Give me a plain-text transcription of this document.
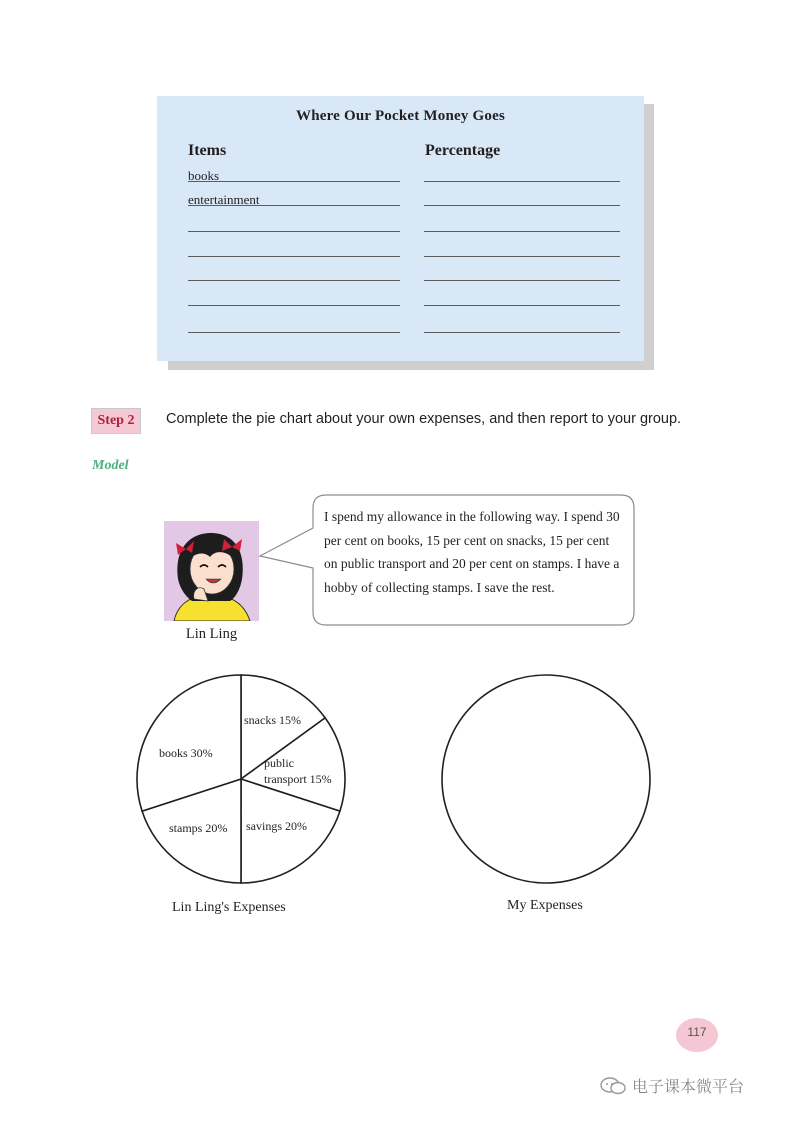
Where Our Pocket Money Goes
Items	Percentage
books
entertainment
Step 2	Complete the pie chart about your own expenses, and then report to your group.
Model
Lin Ling
I spend my allowance in the following way. I spend 30 per cent on books, 15 per cent on snacks, 15 per cent on public transport and 20 per cent on stamps. I have a hobby of collecting stamps. I save the rest.
snacks 15%
public
transport 15%
savings 20%
stamps 20%
books 30%
Lin Ling's Expenses	My Expenses
117
电子课本微平台
